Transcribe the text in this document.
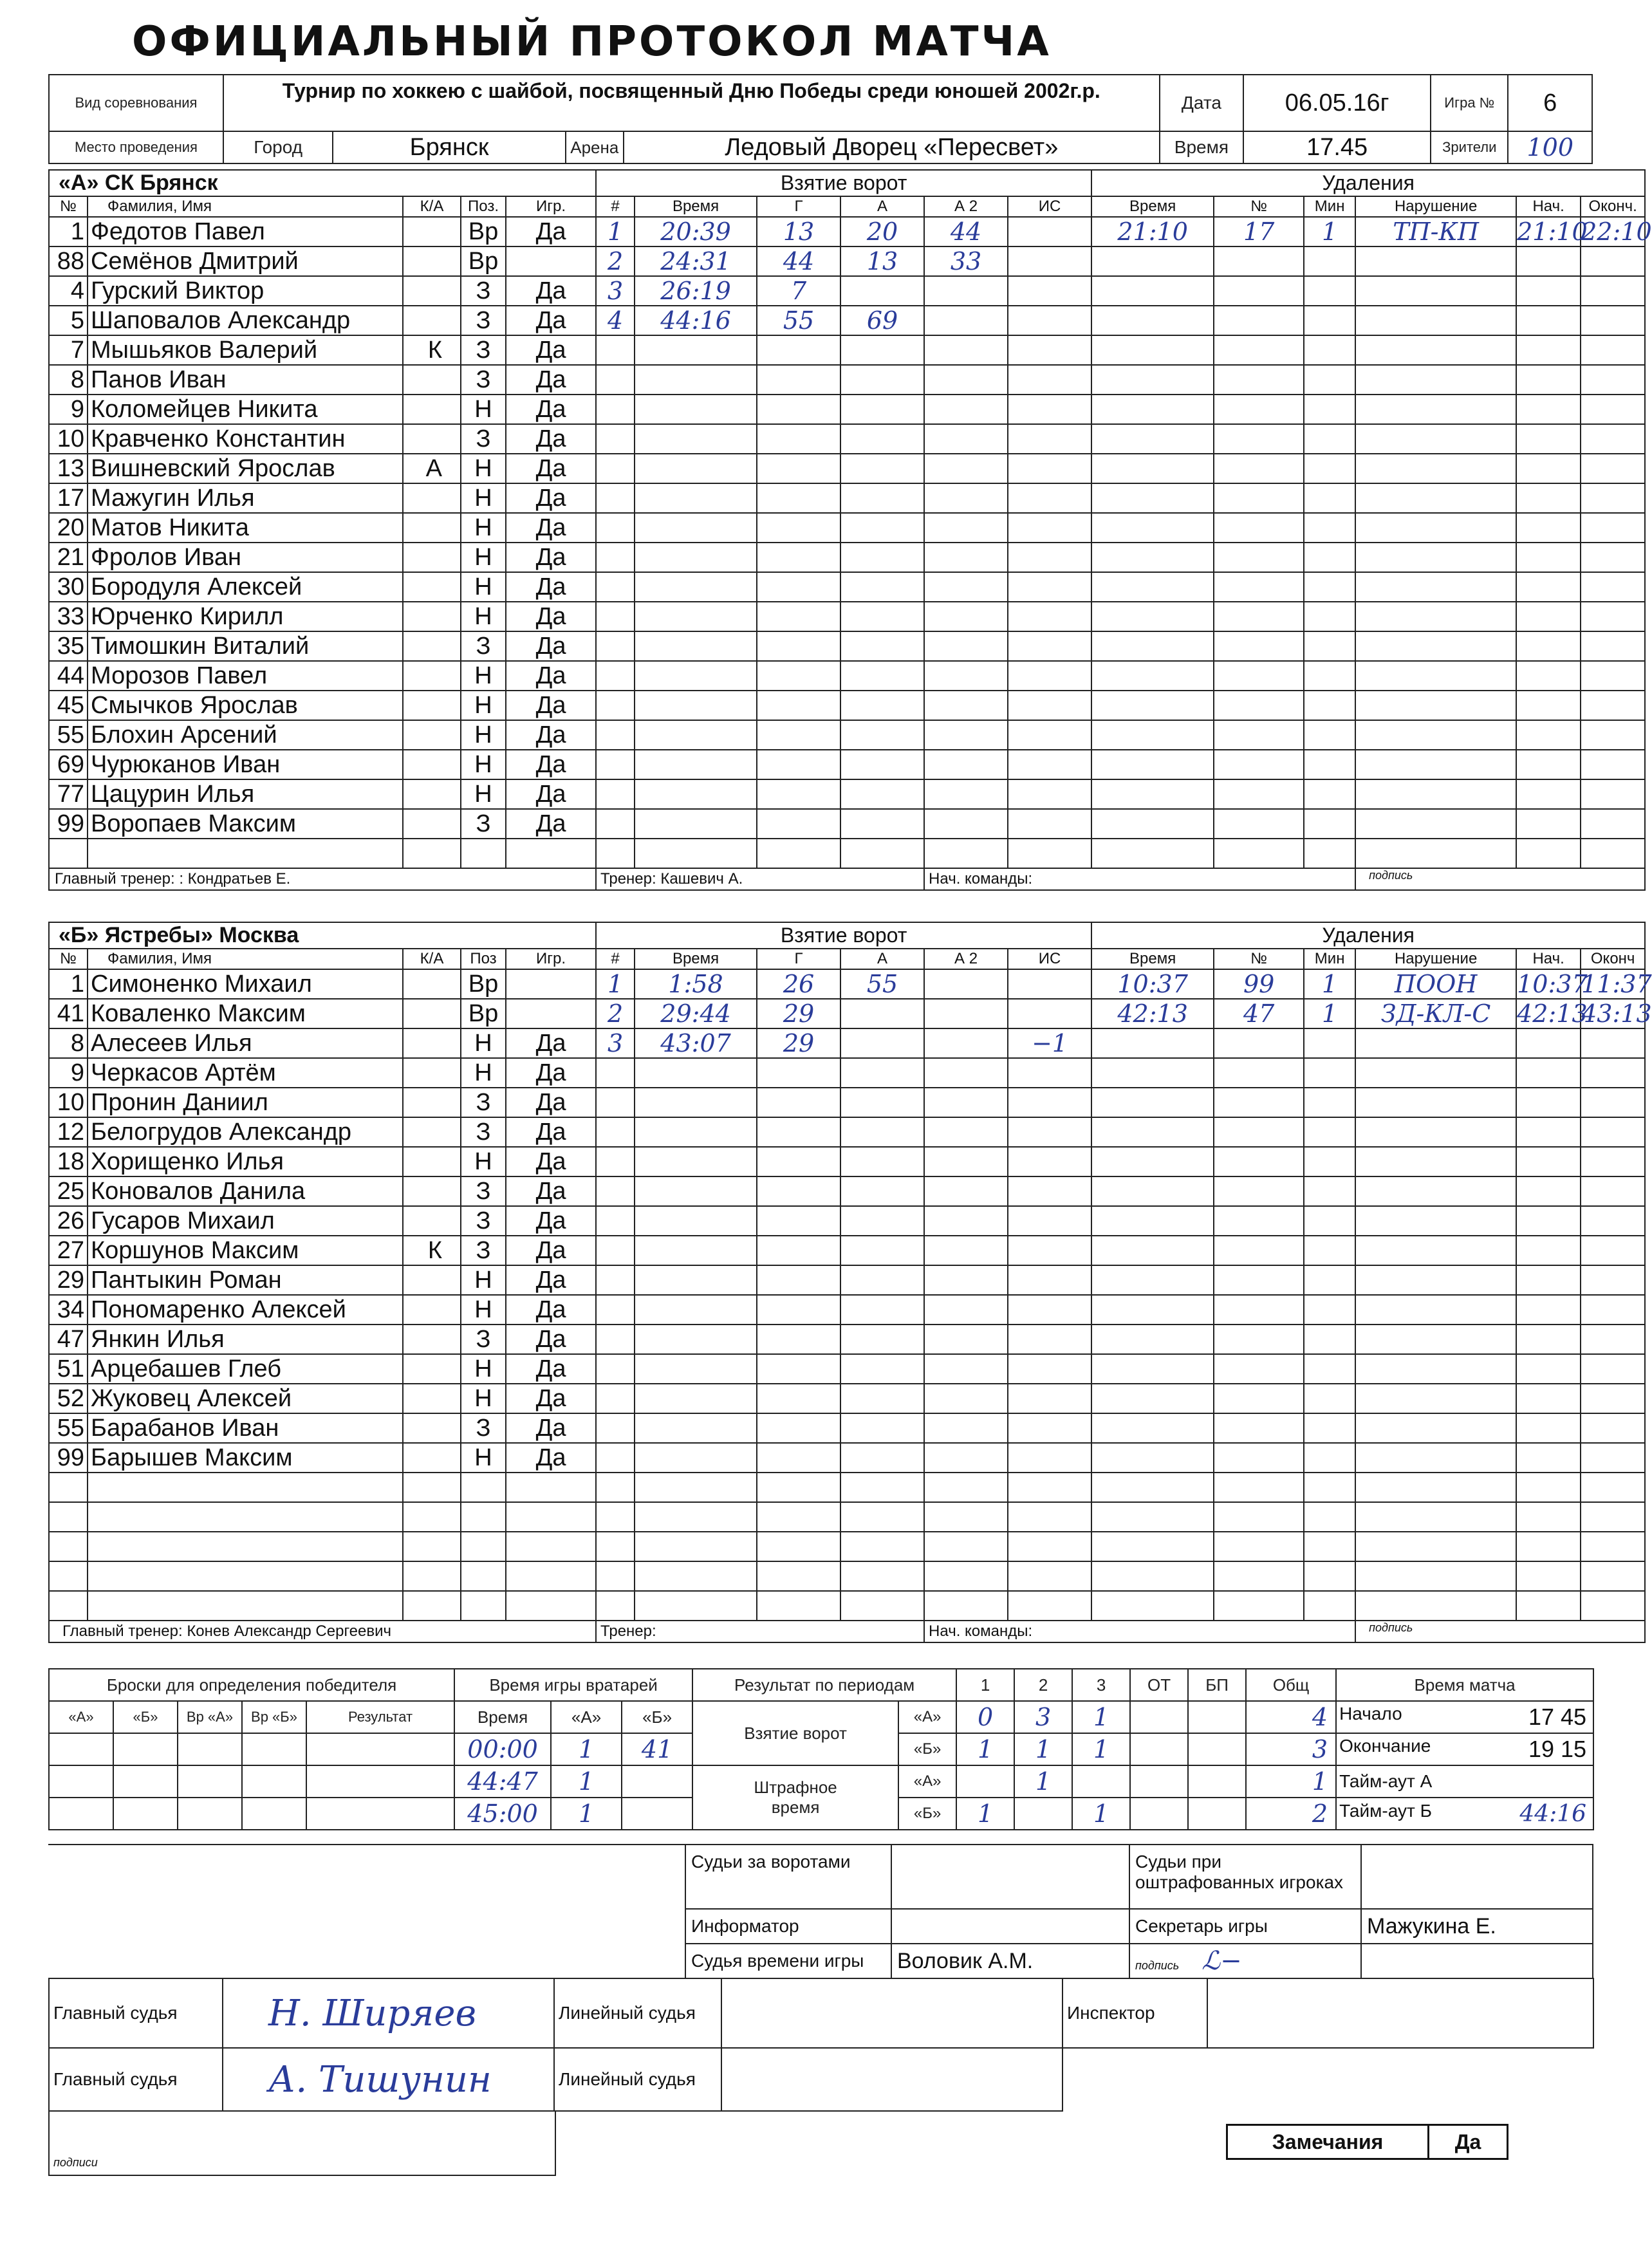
ОФИЦИАЛЬНЫЙ ПРОТОКОЛ МАТЧА
Вид соревнования	Турнир по хоккею с шайбой, посвященный Дню Победы среди юношей 2002г.р.				Дата	06.05.16г	Игра №	6
Место проведения	Город	Брянск	Арена	Ледовый Дворец «Пересвет»	Время	17.45	Зрители	100
«А» СК Брянск					Взятие ворот						Удаления					
№	Фамилия, Имя	К/А	Поз.	Игр.	#	Время	Г	А	А 2	ИС	Время	№	Мин	Нарушение	Нач.	Оконч.
1	Федотов Павел		Вр	Да	1	20:39	13	20	44		21:10	17	1	ТП-КП	21:10	22:10
88	Семёнов Дмитрий		Вр		2	24:31	44	13	33							
4	Гурский Виктор		З	Да	3	26:19	7									
5	Шаповалов Александр		З	Да	4	44:16	55	69								
7	Мышьяков Валерий	К	З	Да												
8	Панов Иван		З	Да												
9	Коломейцев Никита		Н	Да												
10	Кравченко Константин		З	Да												
13	Вишневский Ярослав	А	Н	Да												
17	Мажугин Илья		Н	Да												
20	Матов Никита		Н	Да												
21	Фролов Иван		Н	Да												
30	Бородуля Алексей		Н	Да												
33	Юрченко Кирилл		Н	Да												
35	Тимошкин Виталий		З	Да												
44	Морозов Павел		Н	Да												
45	Смычков Ярослав		Н	Да												
55	Блохин Арсений		Н	Да												
69	Чурюканов Иван		Н	Да												
77	Цацурин Илья		Н	Да												
99	Воропаев Максим		З	Да												

Главный тренер: : Кондратьев Е.					Тренер: Кашевич А.				Нач. команды:					подпись		
«Б» Ястребы» Москва					Взятие ворот						Удаления					
№	Фамилия, Имя	К/А	Поз	Игр.	#	Время	Г	А	А 2	ИС	Время	№	Мин	Нарушение	Нач.	Оконч
1	Симоненко Михаил		Вр		1	1:58	26	55			10:37	99	1	ПООН	10:37	11:37
41	Коваленко Максим		Вр		2	29:44	29				42:13	47	1	ЗД-КЛ-С	42:13	43:13
8	Алесеев Илья		Н	Да	3	43:07	29			−1						
9	Черкасов Артём		Н	Да												
10	Пронин Даниил		З	Да												
12	Белогрудов Александр		З	Да												
18	Хорищенко Илья		Н	Да												
25	Коновалов Данила		З	Да												
26	Гусаров Михаил		З	Да												
27	Коршунов Максим	К	З	Да												
29	Пантыкин Роман		Н	Да												
34	Пономаренко Алексей		Н	Да												
47	Янкин Илья		З	Да												
51	Арцебашев Глеб		Н	Да												
52	Жуковец Алексей		Н	Да												
55	Барабанов Иван		З	Да												
99	Барышев Максим		Н	Да												

Главный тренер: Конев Александр Сергеевич					Тренер:				Нач. команды:					подпись		
Броски для определения победителя					Время игры вратарей			Результат по периодам		1	2	3	ОТ	БП	Общ	Время матча
«А»	«Б»	Вр «А»	Вр «Б»	Результат	Время	«А»	«Б»	Взятие ворот	«А»	0	3	1			4	Начало 17 45

					00:00	1	41		«Б»	1	1	1			3	Окончание 19 15

					44:47	1		Штрафное время	«А»		1				1	Тайм-аут А

					45:00	1			«Б»	1		1			2	Тайм-аут Б 44:16
	Судьи за воротами		Судьи при оштрафованных игроках	
	Информатор		Секретарь игры	Мажукина Е.
	Судья времени игры	Воловик А.М.	подпись ℒ−	
Главный судья	Н. Ширяев	Линейный судья		Инспектор	
Главный судья	А. Тишунин	Линейный судья			
подписи
Замечания	Да
